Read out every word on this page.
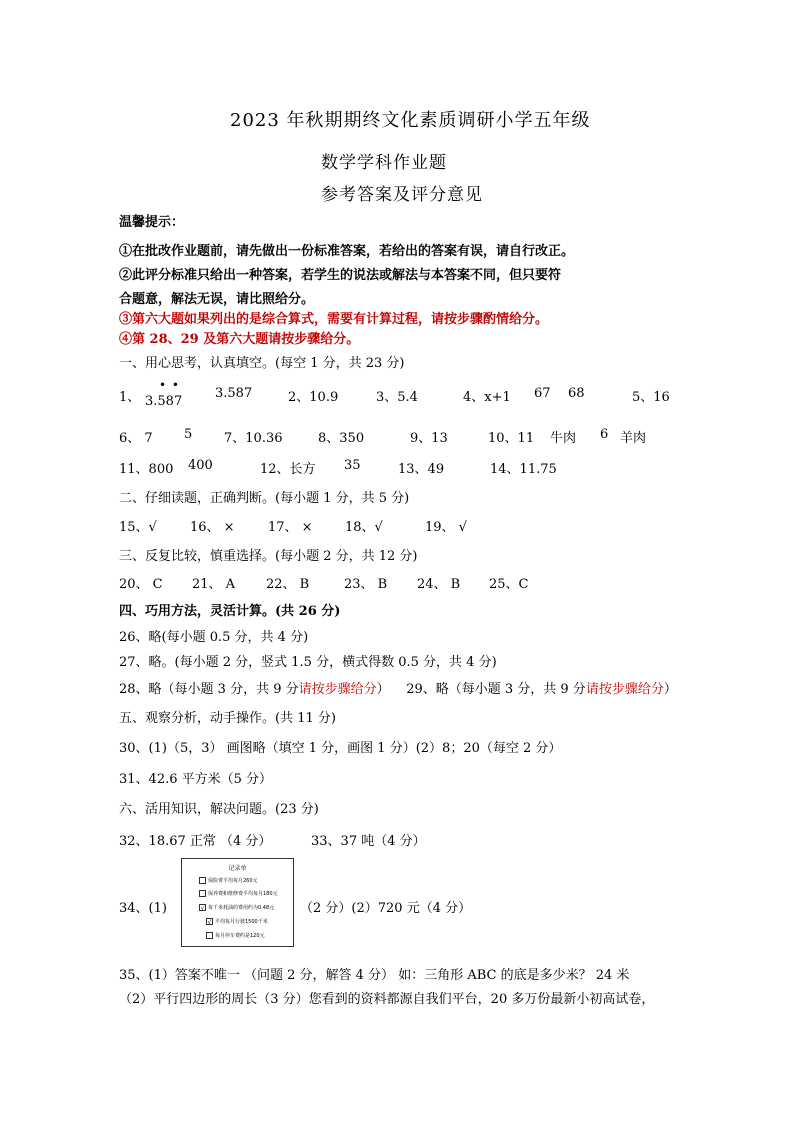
2023 年秋期期终文化素质调研小学五年级
数学学科作业题
参考答案及评分意见
温馨提示：
①在批改作业题前，请先做出一份标准答案，若给出的答案有误，请自行改正。
②此评分标准只给出一种答案，若学生的说法或解法与本答案不同，但只要符
合题意，解法无误，请比照给分。
③第六大题如果列出的是综合算式，需要有计算过程，请按步骤酌情给分。
④第 28、29 及第六大题请按步骤给分。
一、用心思考，认真填空。(每空 1 分，共 23 分)
1、
• •
3.587
3.587	2、10.9	3、5.4	4、x+1 67 68	5、16
6、 7 5 7、10.36	8、350	9、13	10、11 牛肉 6 羊肉
11、800 400	12、长方 35	13、49	14、11.75
二、仔细读题，正确判断。(每小题 1 分，共 5 分)
15、√	16、 ×	17、 × 18、√	19、 √
三、反复比较，慎重选择。(每小题 2 分，共 12 分)
20、 C 21、 A 22、 B	23、 B 24、 B 25、C
四、巧用方法，灵活计算。(共 26 分)
26、略(每小题 0.5 分，共 4 分)
27、略。(每小题 2 分，竖式 1.5 分，横式得数 0.5 分，共 4 分)
28、略（每小题 3 分，共 9 分请按步骤给分） 29、略（每小题 3 分，共 9 分请按步骤给分）
五、观察分析，动手操作。(共 11 分)
30、(1)（5，3） 画图略（填空 1 分，画图 1 分）(2）8；20（每空 2 分）
31、42.6 平方米（5 分）
六、活用知识，解决问题。(23 分)
32、18.67 正常 （4 分）	33、37 吨（4 分）
34、(1)
记录单
保险费平均每月260元
保养费和维修费平均每月180元
√ 每千米耗油的费用约为0.48元
√ 平均每月行驶1500千米
每月停车费约是120元
（2 分）(2）720 元（4 分）
35、(1）答案不唯一 （问题 2 分，解答 4 分） 如：三角形 ABC 的底是多少米？ 24 米
（2）平行四边形的周长（3 分）您看到的资料都源自我们平台，20 多万份最新小初高试卷，
